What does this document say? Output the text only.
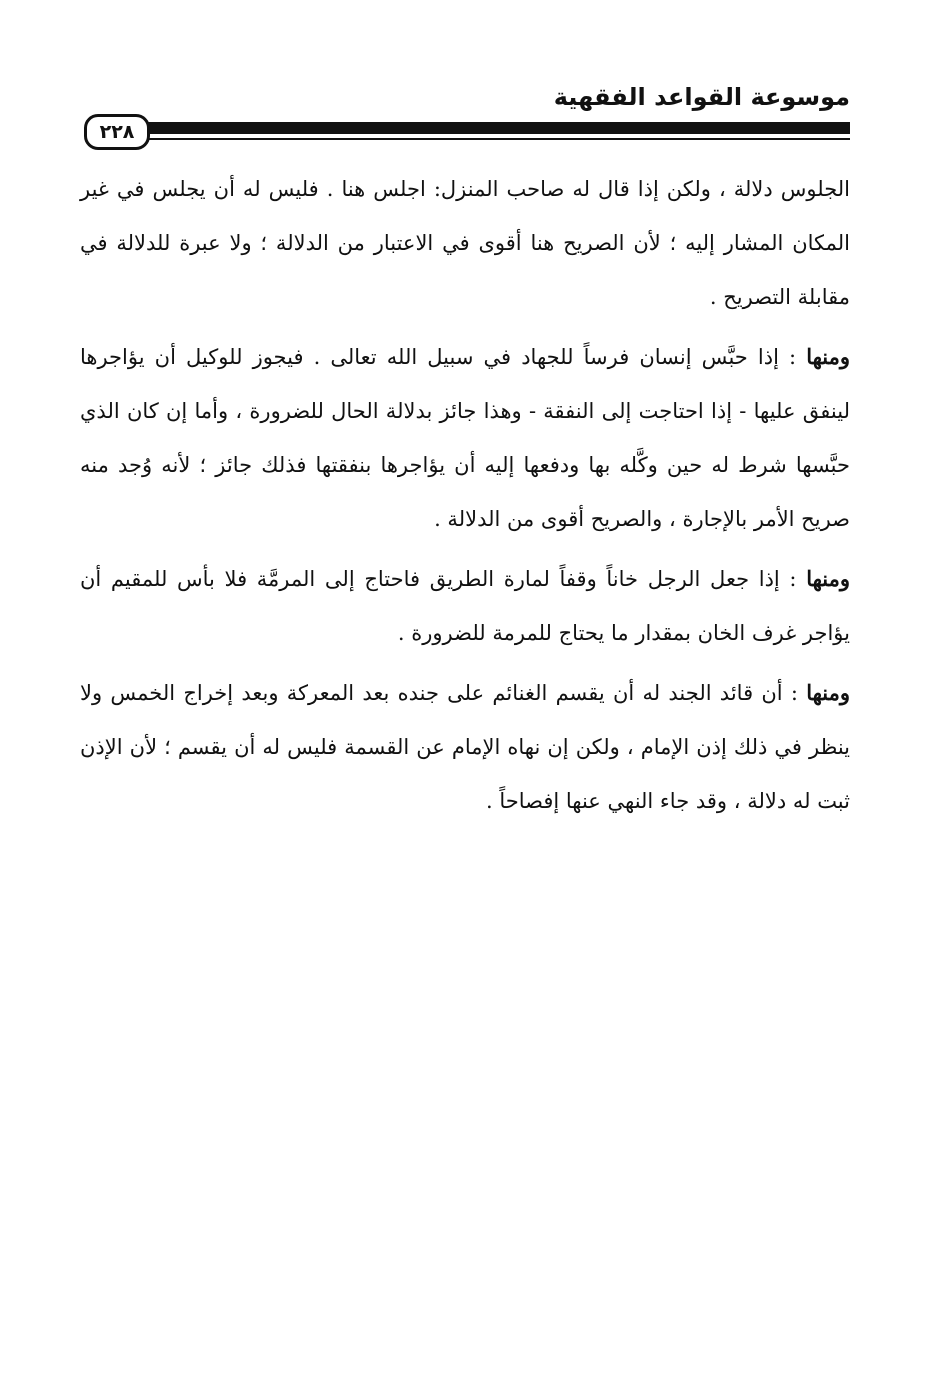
موسوعة القواعد الفقهية
٢٢٨

الجلوس دلالة ، ولكن إذا قال له صاحب المنزل: اجلس هنا . فليس له أن يجلس في غير المكان المشار إليه ؛ لأن الصريح هنا أقوى في الاعتبار من الدلالة ؛ ولا عبرة للدلالة في مقابلة التصريح .

ومنها : إذا حبَّس إنسان فرساً للجهاد في سبيل الله تعالى . فيجوز للوكيل أن يؤاجرها لينفق عليها - إذا احتاجت إلى النفقة - وهذا جائز بدلالة الحال للضرورة ، وأما إن كان الذي حبَّسها شرط له حين وكَّله بها ودفعها إليه أن يؤاجرها بنفقتها فذلك جائز ؛ لأنه وُجد منه صريح الأمر بالإجارة ، والصريح أقوى من الدلالة .

ومنها : إذا جعل الرجل خاناً وقفاً لمارة الطريق فاحتاج إلى المرمَّة فلا بأس للمقيم أن يؤاجر غرف الخان بمقدار ما يحتاج للمرمة للضرورة .

ومنها : أن قائد الجند له أن يقسم الغنائم على جنده بعد المعركة وبعد إخراج الخمس ولا ينظر في ذلك إذن الإمام ، ولكن إن نهاه الإمام عن القسمة فليس له أن يقسم ؛ لأن الإذن ثبت له دلالة ، وقد جاء النهي عنها إفصاحاً .
